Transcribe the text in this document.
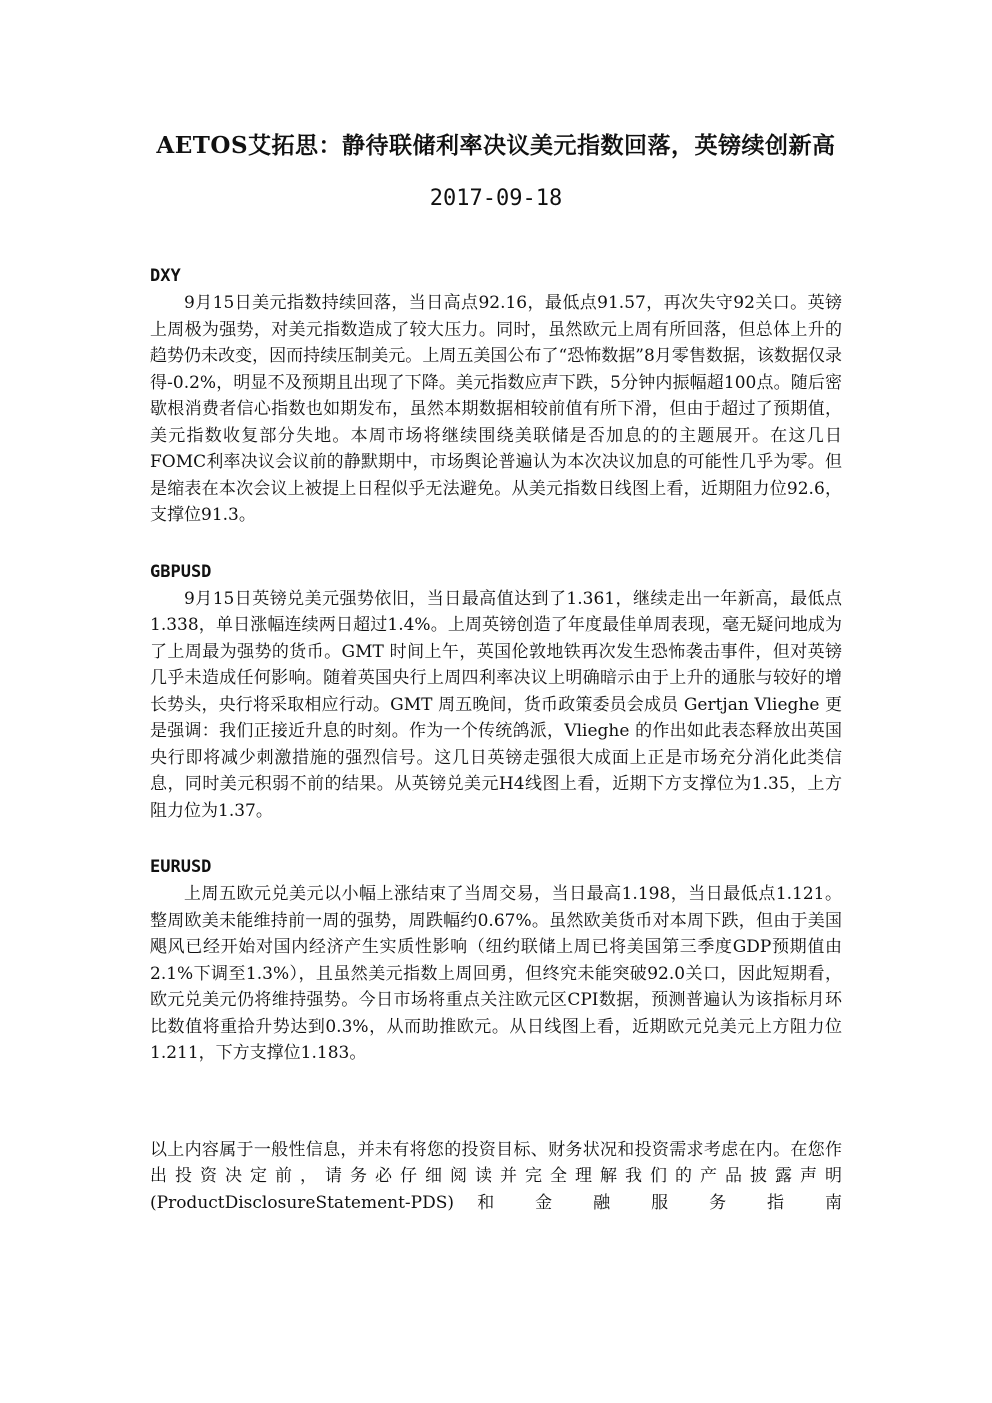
AETOS艾拓思：静待联储利率决议美元指数回落，英镑续创新高
2017-09-18
DXY

9月15日美元指数持续回落，当日高点92.16，最低点91.57，再次失守92关口。英镑上周极为强势，对美元指数造成了较大压力。同时，虽然欧元上周有所回落，但总体上升的趋势仍未改变，因而持续压制美元。上周五美国公布了“恐怖数据”8月零售数据，该数据仅录得-0.2%，明显不及预期且出现了下降。美元指数应声下跌，5分钟内振幅超100点。随后密歇根消费者信心指数也如期发布，虽然本期数据相较前值有所下滑，但由于超过了预期值，美元指数收复部分失地。本周市场将继续围绕美联储是否加息的的主题展开。在这几日FOMC利率决议会议前的静默期中，市场舆论普遍认为本次决议加息的可能性几乎为零。但是缩表在本次会议上被提上日程似乎无法避免。从美元指数日线图上看，近期阻力位92.6，支撑位91.3。

GBPUSD

9月15日英镑兑美元强势依旧，当日最高值达到了1.361，继续走出一年新高，最低点1.338，单日涨幅连续两日超过1.4%。上周英镑创造了年度最佳单周表现，毫无疑问地成为了上周最为强势的货币。GMT 时间上午，英国伦敦地铁再次发生恐怖袭击事件，但对英镑几乎未造成任何影响。随着英国央行上周四利率决议上明确暗示由于上升的通胀与较好的增长势头，央行将采取相应行动。GMT 周五晚间，货币政策委员会成员 Gertjan Vlieghe 更是强调：我们正接近升息的时刻。作为一个传统鸽派，Vlieghe 的作出如此表态释放出英国央行即将减少刺激措施的强烈信号。这几日英镑走强很大成面上正是市场充分消化此类信息，同时美元积弱不前的结果。从英镑兑美元H4线图上看，近期下方支撑位为1.35，上方阻力位为1.37。

EURUSD

上周五欧元兑美元以小幅上涨结束了当周交易，当日最高1.198，当日最低点1.121。整周欧美未能维持前一周的强势，周跌幅约0.67%。虽然欧美货币对本周下跌，但由于美国飓风已经开始对国内经济产生实质性影响（纽约联储上周已将美国第三季度GDP预期值由2.1%下调至1.3%），且虽然美元指数上周回勇，但终究未能突破92.0关口，因此短期看，欧元兑美元仍将维持强势。今日市场将重点关注欧元区CPI数据，预测普遍认为该指标月环比数值将重拾升势达到0.3%，从而助推欧元。从日线图上看，近期欧元兑美元上方阻力位1.211，下方支撑位1.183。

以上内容属于一般性信息，并未有将您的投资目标、财务状况和投资需求考虑在内。在您作出投资决定前，请务必仔细阅读并完全理解我们的产品披露声明(ProductDisclosureStatement-PDS) 和 金 融 服 务 指 南
